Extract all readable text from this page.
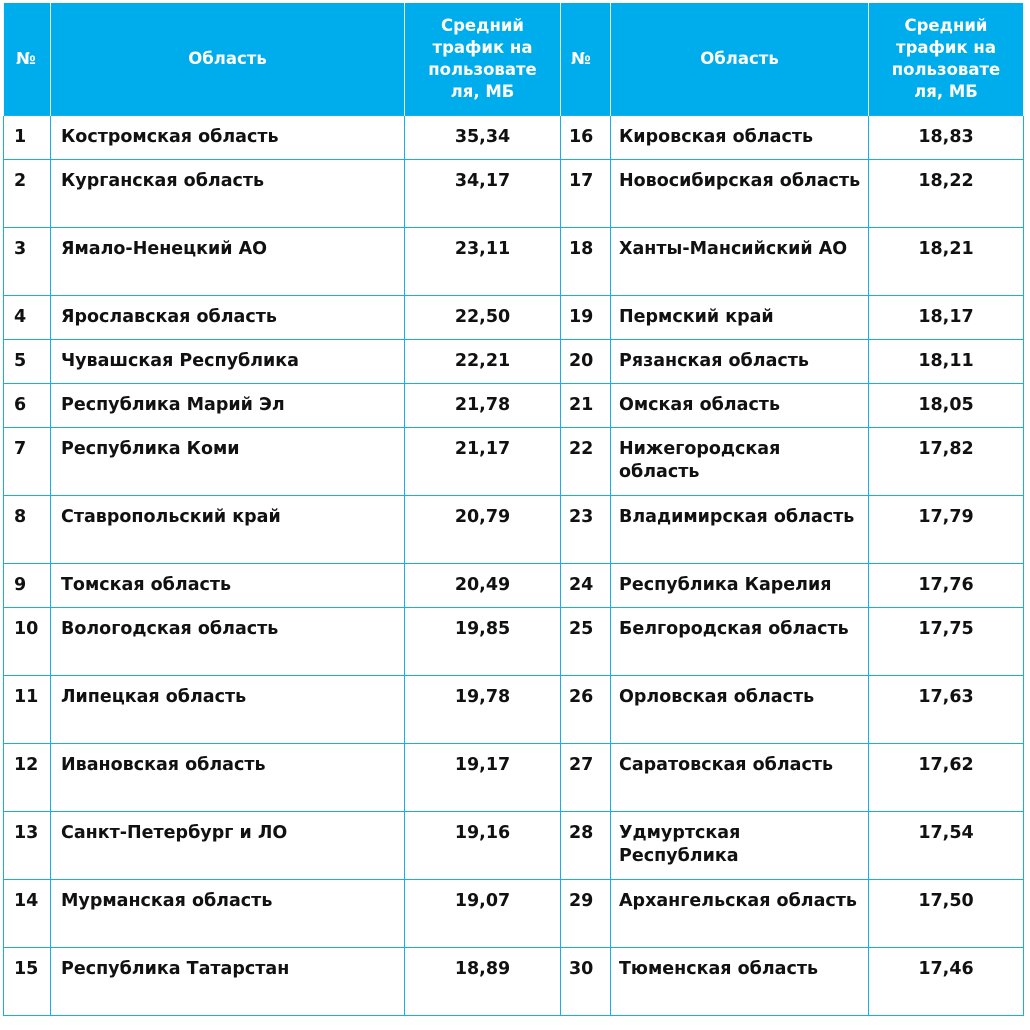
№	Область	Средний
трафик на
пользовате
ля, МБ	№	Область	Средний
трафик на
пользовате
ля, МБ
1	Костромская область	35,34	16	Кировская область	18,83
2	Курганская область	34,17	17	Новосибирская область	18,22
3	Ямало-Ненецкий АО	23,11	18	Ханты-Мансийский АО	18,21
4	Ярославская область	22,50	19	Пермский край	18,17
5	Чувашская Республика	22,21	20	Рязанская область	18,11
6	Республика Марий Эл	21,78	21	Омская область	18,05
7	Республика Коми	21,17	22	Нижегородская область	17,82
8	Ставропольский край	20,79	23	Владимирская область	17,79
9	Томская область	20,49	24	Республика Карелия	17,76
10	Вологодская область	19,85	25	Белгородская область	17,75
11	Липецкая область	19,78	26	Орловская область	17,63
12	Ивановская область	19,17	27	Саратовская область	17,62
13	Санкт-Петербург и ЛО	19,16	28	Удмуртская Республика	17,54
14	Мурманская область	19,07	29	Архангельская область	17,50
15	Республика Татарстан	18,89	30	Тюменская область	17,46
